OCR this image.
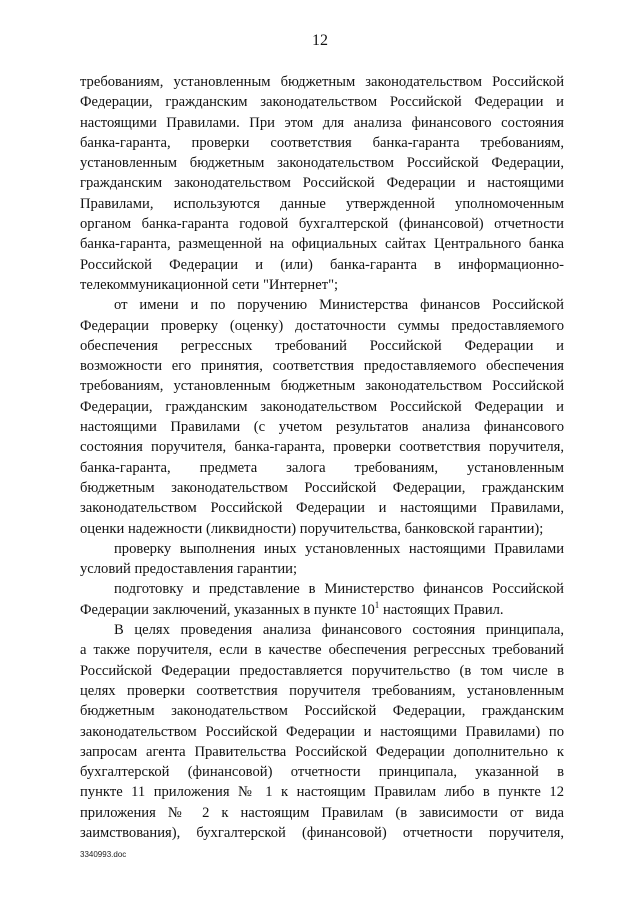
12
требованиям, установленным бюджетным законодательством Российской
Федерации, гражданским законодательством Российской Федерации и
настоящими Правилами. При этом для анализа финансового состояния
банка-гаранта, проверки соответствия банка-гаранта требованиям,
установленным бюджетным законодательством Российской Федерации,
гражданским законодательством Российской Федерации и настоящими
Правилами, используются данные утвержденной уполномоченным
органом банка-гаранта годовой бухгалтерской (финансовой) отчетности
банка-гаранта, размещенной на официальных сайтах Центрального банка
Российской Федерации и (или) банка-гаранта в информационно-
телекоммуникационной сети "Интернет";
от имени и по поручению Министерства финансов Российской
Федерации проверку (оценку) достаточности суммы предоставляемого
обеспечения регрессных требований Российской Федерации и
возможности его принятия, соответствия предоставляемого обеспечения
требованиям, установленным бюджетным законодательством Российской
Федерации, гражданским законодательством Российской Федерации и
настоящими Правилами (с учетом результатов анализа финансового
состояния поручителя, банка-гаранта, проверки соответствия поручителя,
банка-гаранта, предмета залога требованиям, установленным
бюджетным законодательством Российской Федерации, гражданским
законодательством Российской Федерации и настоящими Правилами,
оценки надежности (ликвидности) поручительства, банковской гарантии);
проверку выполнения иных установленных настоящими Правилами
условий предоставления гарантии;
подготовку и представление в Министерство финансов Российской
Федерации заключений, указанных в пункте $10^1$ настоящих Правил.
В целях проведения анализа финансового состояния принципала,
а также поручителя, если в качестве обеспечения регрессных требований
Российской Федерации предоставляется поручительство (в том числе в
целях проверки соответствия поручителя требованиям, установленным
бюджетным законодательством Российской Федерации, гражданским
законодательством Российской Федерации и настоящими Правилами) по
запросам агента Правительства Российской Федерации дополнительно к
бухгалтерской (финансовой) отчетности принципала, указанной в
пункте 11 приложения № 1 к настоящим Правилам либо в пункте 12
приложения № 2 к настоящим Правилам (в зависимости от вида
заимствования), бухгалтерской (финансовой) отчетности поручителя,
3340993.doc
